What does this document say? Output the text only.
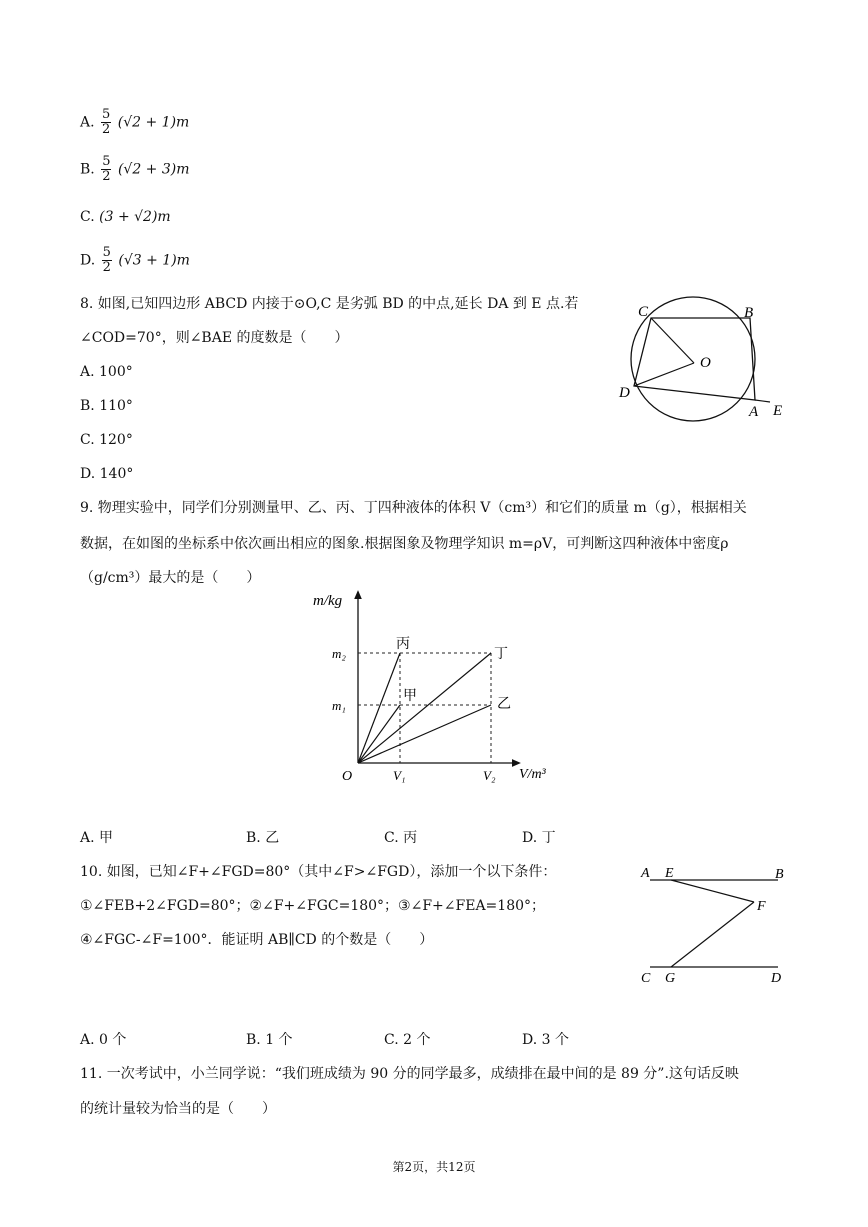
A. $\frac{5}{2} (√2 + 1)m$
B. $\frac{5}{2} (√2 + 3)m$
C. (3 + √2)m
D. $\frac{5}{2} (√3 + 1)m$
8. 如图,已知四边形 ABCD 内接于⊙O,C 是劣弧 BD 的中点,延长 DA 到 E 点.若
∠COD=70°，则∠BAE 的度数是（　　）
A. 100°
B. 110°
C. 120°
D. 140°
C	B
O
D
A E
9. 物理实验中，同学们分别测量甲、乙、丙、丁四种液体的体积 V（cm³）和它们的质量 m（g），根据相关
数据，在如图的坐标系中依次画出相应的图象.根据图象及物理学知识 m=ρV，可判断这四种液体中密度ρ
（g/cm³）最大的是（　　）
m/kg
V/m³
O
m₂
m₁
V₁	V₂
丙
甲
丁
乙
A. 甲	B. 乙	C. 丙	D. 丁
10. 如图，已知∠F+∠FGD=80°（其中∠F>∠FGD），添加一个以下条件：
①∠FEB+2∠FGD=80°；②∠F+∠FGC=180°；③∠F+∠FEA=180°；
④∠FGC-∠F=100°．能证明 AB∥CD 的个数是（　　）
A E	B
F
C G	D
A. 0 个	B. 1 个	C. 2 个	D. 3 个
11. 一次考试中，小兰同学说：“我们班成绩为 90 分的同学最多，成绩排在最中间的是 89 分”.这句话反映
的统计量较为恰当的是（　　）
第2页，共12页
